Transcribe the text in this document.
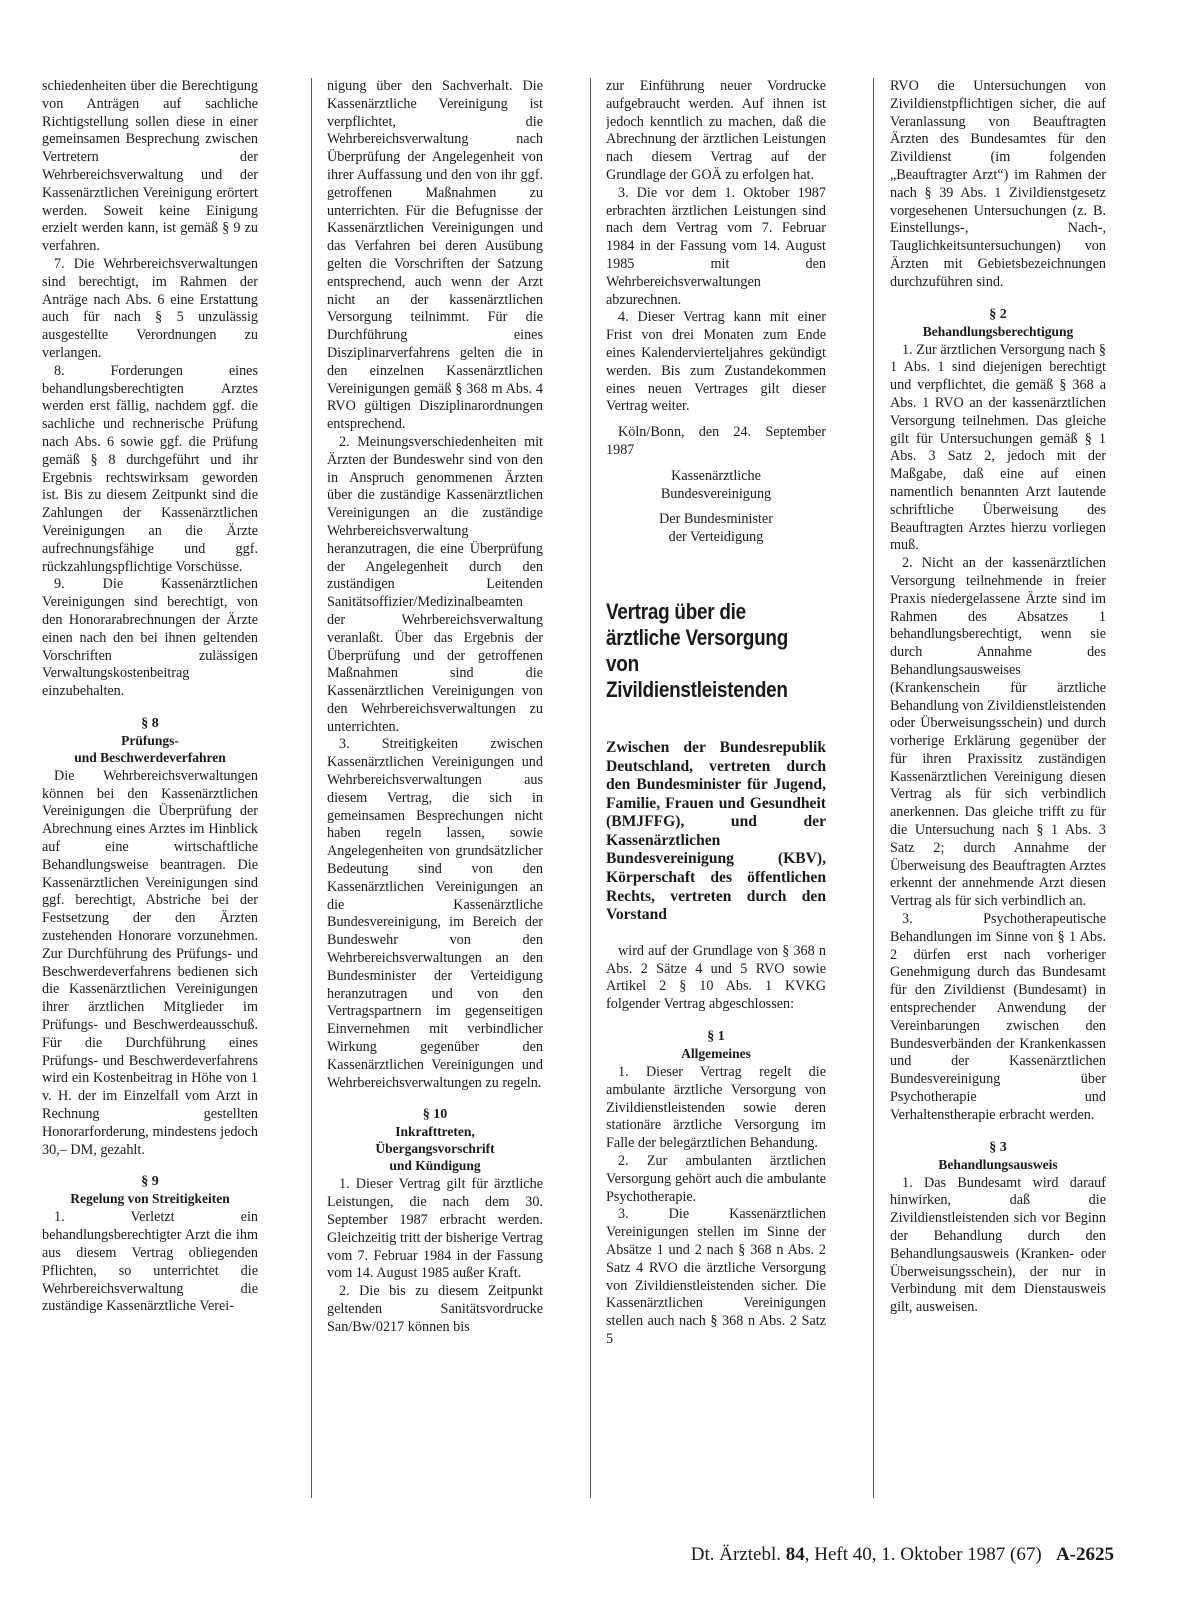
schiedenheiten über die Berechtigung von Anträgen auf sachliche Richtigstellung sollen diese in einer gemeinsamen Besprechung zwischen Vertretern der Wehrbereichsverwaltung und der Kassenärztlichen Vereinigung erörtert werden. Soweit keine Einigung erzielt werden kann, ist gemäß § 9 zu verfahren.

7. Die Wehrbereichsverwaltungen sind berechtigt, im Rahmen der Anträge nach Abs. 6 eine Erstattung auch für nach § 5 unzulässig ausgestellte Verordnungen zu verlangen.

8. Forderungen eines behandlungsberechtigten Arztes werden erst fällig, nachdem ggf. die sachliche und rechnerische Prüfung nach Abs. 6 sowie ggf. die Prüfung gemäß § 8 durchgeführt und ihr Ergebnis rechtswirksam geworden ist. Bis zu diesem Zeitpunkt sind die Zahlungen der Kassenärztlichen Vereinigungen an die Ärzte aufrechnungsfähige und ggf. rückzahlungspflichtige Vorschüsse.

9. Die Kassenärztlichen Vereinigungen sind berechtigt, von den Honorarabrechnungen der Ärzte einen nach den bei ihnen geltenden Vorschriften zulässigen Verwaltungskostenbeitrag einzubehalten.

§ 8
Prüfungs-
und Beschwerdeverfahren

Die Wehrbereichsverwaltungen können bei den Kassenärztlichen Vereinigungen die Überprüfung der Abrechnung eines Arztes im Hinblick auf eine wirtschaftliche Behandlungsweise beantragen. Die Kassenärztlichen Vereinigungen sind ggf. berechtigt, Abstriche bei der Festsetzung der den Ärzten zustehenden Honorare vorzunehmen. Zur Durchführung des Prüfungs- und Beschwerdeverfahrens bedienen sich die Kassenärztlichen Vereinigungen ihrer ärztlichen Mitglieder im Prüfungs- und Beschwerdeausschuß. Für die Durchführung eines Prüfungs- und Beschwerdeverfahrens wird ein Kostenbeitrag in Höhe von 1 v. H. der im Einzelfall vom Arzt in Rechnung gestellten Honorarforderung, mindestens jedoch 30,– DM, gezahlt.

§ 9
Regelung von Streitigkeiten

1. Verletzt ein behandlungsberechtigter Arzt die ihm aus diesem Vertrag obliegenden Pflichten, so unterrichtet die Wehrbereichsverwaltung die zuständige Kassenärztliche Verei-

nigung über den Sachverhalt. Die Kassenärztliche Vereinigung ist verpflichtet, die Wehrbereichsverwaltung nach Überprüfung der Angelegenheit von ihrer Auffassung und den von ihr ggf. getroffenen Maßnahmen zu unterrichten. Für die Befugnisse der Kassenärztlichen Vereinigungen und das Verfahren bei deren Ausübung gelten die Vorschriften der Satzung entsprechend, auch wenn der Arzt nicht an der kassenärztlichen Versorgung teilnimmt. Für die Durchführung eines Disziplinarverfahrens gelten die in den einzelnen Kassenärztlichen Vereinigungen gemäß § 368 m Abs. 4 RVO gültigen Disziplinarordnungen entsprechend.

2. Meinungsverschiedenheiten mit Ärzten der Bundeswehr sind von den in Anspruch genommenen Ärzten über die zuständige Kassenärztlichen Vereinigungen an die zuständige Wehrbereichsverwaltung heranzutragen, die eine Überprüfung der Angelegenheit durch den zuständigen Leitenden Sanitätsoffizier/Medizinalbeamten der Wehrbereichsverwaltung veranlaßt. Über das Ergebnis der Überprüfung und der getroffenen Maßnahmen sind die Kassenärztlichen Vereinigungen von den Wehrbereichsverwaltungen zu unterrichten.

3. Streitigkeiten zwischen Kassenärztlichen Vereinigungen und Wehrbereichsverwaltungen aus diesem Vertrag, die sich in gemeinsamen Besprechungen nicht haben regeln lassen, sowie Angelegenheiten von grundsätzlicher Bedeutung sind von den Kassenärztlichen Vereinigungen an die Kassenärztliche Bundesvereinigung, im Bereich der Bundeswehr von den Wehrbereichsverwaltungen an den Bundesminister der Verteidigung heranzutragen und von den Vertragspartnern im gegenseitigen Einvernehmen mit verbindlicher Wirkung gegenüber den Kassenärztlichen Vereinigungen und Wehrbereichsverwaltungen zu regeln.

§ 10
Inkrafttreten,
Übergangsvorschrift
und Kündigung

1. Dieser Vertrag gilt für ärztliche Leistungen, die nach dem 30. September 1987 erbracht werden. Gleichzeitig tritt der bisherige Vertrag vom 7. Februar 1984 in der Fassung vom 14. August 1985 außer Kraft.

2. Die bis zu diesem Zeitpunkt geltenden Sanitätsvordrucke San/Bw/0217 können bis

zur Einführung neuer Vordrucke aufgebraucht werden. Auf ihnen ist jedoch kenntlich zu machen, daß die Abrechnung der ärztlichen Leistungen nach diesem Vertrag auf der Grundlage der GOÄ zu erfolgen hat.

3. Die vor dem 1. Oktober 1987 erbrachten ärztlichen Leistungen sind nach dem Vertrag vom 7. Februar 1984 in der Fassung vom 14. August 1985 mit den Wehrbereichsverwaltungen abzurechnen.

4. Dieser Vertrag kann mit einer Frist von drei Monaten zum Ende eines Kalendervierteljahres gekündigt werden. Bis zum Zustandekommen eines neuen Vertrages gilt dieser Vertrag weiter.

Köln/Bonn, den 24. September 1987

Kassenärztliche
Bundesvereinigung
Der Bundesminister
der Verteidigung
Vertrag über die ärztliche Versorgung von Zivildienstleistenden
Zwischen der Bundesrepublik Deutschland, vertreten durch den Bundesminister für Jugend, Familie, Frauen und Gesundheit (BMJFFG), und der Kassenärztlichen Bundesvereinigung (KBV), Körperschaft des öffentlichen Rechts, vertreten durch den Vorstand

wird auf der Grundlage von § 368 n Abs. 2 Sätze 4 und 5 RVO sowie Artikel 2 § 10 Abs. 1 KVKG folgender Vertrag abgeschlossen:

§ 1
Allgemeines

1. Dieser Vertrag regelt die ambulante ärztliche Versorgung von Zivildienstleistenden sowie deren stationäre ärztliche Versorgung im Falle der belegärztlichen Behandung.

2. Zur ambulanten ärztlichen Versorgung gehört auch die ambulante Psychotherapie.

3. Die Kassenärztlichen Vereinigungen stellen im Sinne der Absätze 1 und 2 nach § 368 n Abs. 2 Satz 4 RVO die ärztliche Versorgung von Zivildienstleistenden sicher. Die Kassenärztlichen Vereinigungen stellen auch nach § 368 n Abs. 2 Satz 5

RVO die Untersuchungen von Zivildienstpflichtigen sicher, die auf Veranlassung von Beauftragten Ärzten des Bundesamtes für den Zivildienst (im folgenden „Beauftragter Arzt“) im Rahmen der nach § 39 Abs. 1 Zivildienstgesetz vorgesehenen Untersuchungen (z. B. Einstellungs-, Nach-, Tauglichkeitsuntersuchungen) von Ärzten mit Gebietsbezeichnungen durchzuführen sind.

§ 2
Behandlungsberechtigung

1. Zur ärztlichen Versorgung nach § 1 Abs. 1 sind diejenigen berechtigt und verpflichtet, die gemäß § 368 a Abs. 1 RVO an der kassenärztlichen Versorgung teilnehmen. Das gleiche gilt für Untersuchungen gemäß § 1 Abs. 3 Satz 2, jedoch mit der Maßgabe, daß eine auf einen namentlich benannten Arzt lautende schriftliche Überweisung des Beauftragten Arztes hierzu vorliegen muß.

2. Nicht an der kassenärztlichen Versorgung teilnehmende in freier Praxis niedergelassene Ärzte sind im Rahmen des Absatzes 1 behandlungsberechtigt, wenn sie durch Annahme des Behandlungsausweises (Krankenschein für ärztliche Behandlung von Zivildienstleistenden oder Überweisungsschein) und durch vorherige Erklärung gegenüber der für ihren Praxissitz zuständigen Kassenärztlichen Vereinigung diesen Vertrag als für sich verbindlich anerkennen. Das gleiche trifft zu für die Untersuchung nach § 1 Abs. 3 Satz 2; durch Annahme der Überweisung des Beauftragten Arztes erkennt der annehmende Arzt diesen Vertrag als für sich verbindlich an.

3. Psychotherapeutische Behandlungen im Sinne von § 1 Abs. 2 dürfen erst nach vorheriger Genehmigung durch das Bundesamt für den Zivildienst (Bundesamt) in entsprechender Anwendung der Vereinbarungen zwischen den Bundesverbänden der Krankenkassen und der Kassenärztlichen Bundesvereinigung über Psychotherapie und Verhaltenstherapie erbracht werden.

§ 3
Behandlungsausweis

1. Das Bundesamt wird darauf hinwirken, daß die Zivildienstleistenden sich vor Beginn der Behandlung durch den Behandlungsausweis (Kranken- oder Überweisungsschein), der nur in Verbindung mit dem Dienstausweis gilt, ausweisen.

Dt. Ärztebl. 84, Heft 40, 1. Oktober 1987 (67) A-2625
